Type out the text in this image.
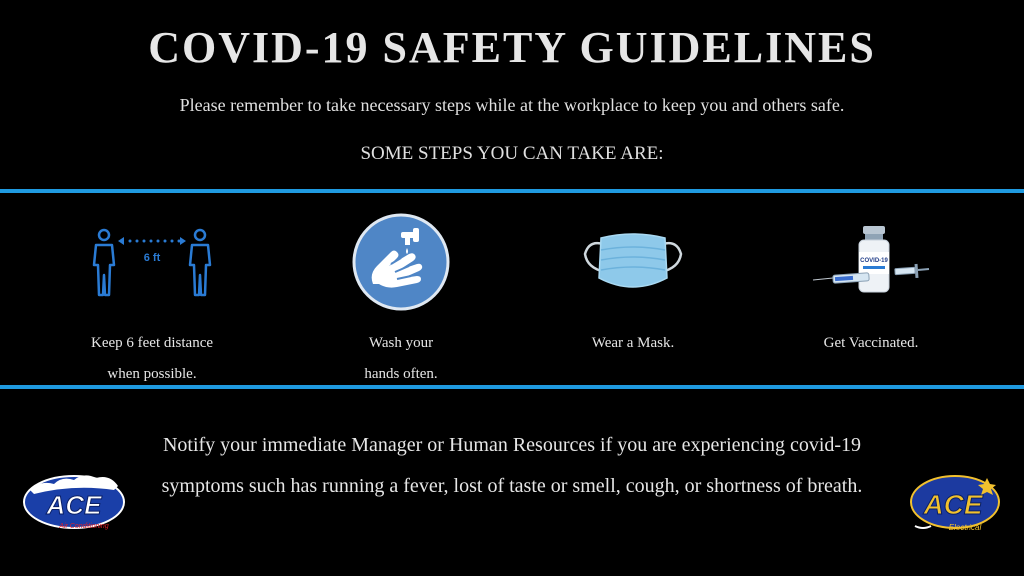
COVID-19 SAFETY GUIDELINES
Please remember to take necessary steps while at the workplace to keep you and others safe.
SOME STEPS YOU CAN TAKE ARE:
6 ft
Keep 6 feet distance
when possible.
Wash your
hands often.
Wear a Mask.
COVID-19
Get Vaccinated.
Notify your immediate Manager or Human Resources if you are experiencing covid-19 symptoms such has running a fever, lost of taste or smell, cough, or shortness of breath.
ACE
Air Conditioning
ACE
Electrical
